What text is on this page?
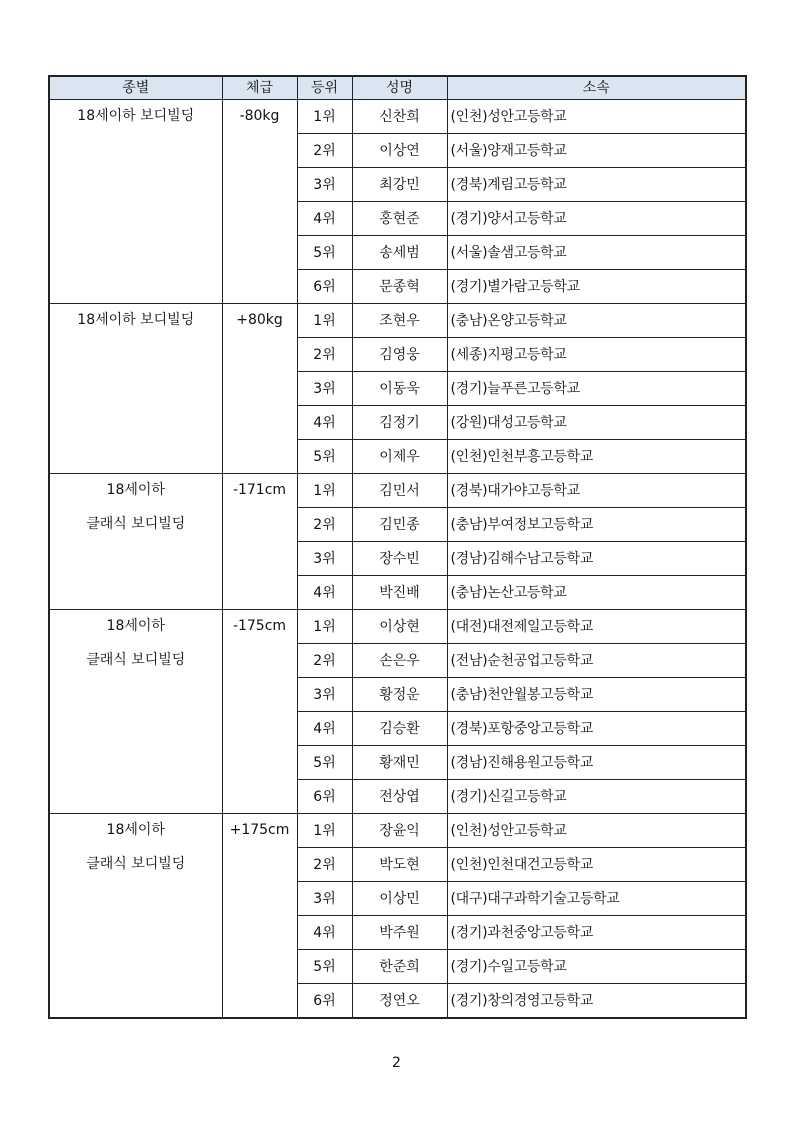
종별	체급	등위	성명	소속

18세이하 보디빌딩	-80kg	1위	신찬희	(인천)성안고등학교
		2위	이상연	(서울)양재고등학교
		3위	최강민	(경북)계림고등학교
		4위	홍현준	(경기)양서고등학교
		5위	송세범	(서울)솔샘고등학교
		6위	문종혁	(경기)별가람고등학교

18세이하 보디빌딩	+80kg	1위	조현우	(충남)온양고등학교
		2위	김영웅	(세종)지평고등학교
		3위	이동욱	(경기)늘푸른고등학교
		4위	김정기	(강원)대성고등학교
		5위	이제우	(인천)인천부흥고등학교

18세이하
클래식 보디빌딩	-171cm	1위	김민서	(경북)대가야고등학교
		2위	김민종	(충남)부여정보고등학교
		3위	장수빈	(경남)김해수남고등학교
		4위	박진배	(충남)논산고등학교

18세이하
클래식 보디빌딩	-175cm	1위	이상현	(대전)대전제일고등학교
		2위	손은우	(전남)순천공업고등학교
		3위	황정운	(충남)천안월봉고등학교
		4위	김승환	(경북)포항중앙고등학교
		5위	황재민	(경남)진해용원고등학교
		6위	전상엽	(경기)신길고등학교

18세이하
클래식 보디빌딩	+175cm	1위	장윤익	(인천)성안고등학교
		2위	박도현	(인천)인천대건고등학교
		3위	이상민	(대구)대구과학기술고등학교
		4위	박주원	(경기)과천중앙고등학교
		5위	한준희	(경기)수일고등학교
		6위	정연오	(경기)창의경영고등학교
2
